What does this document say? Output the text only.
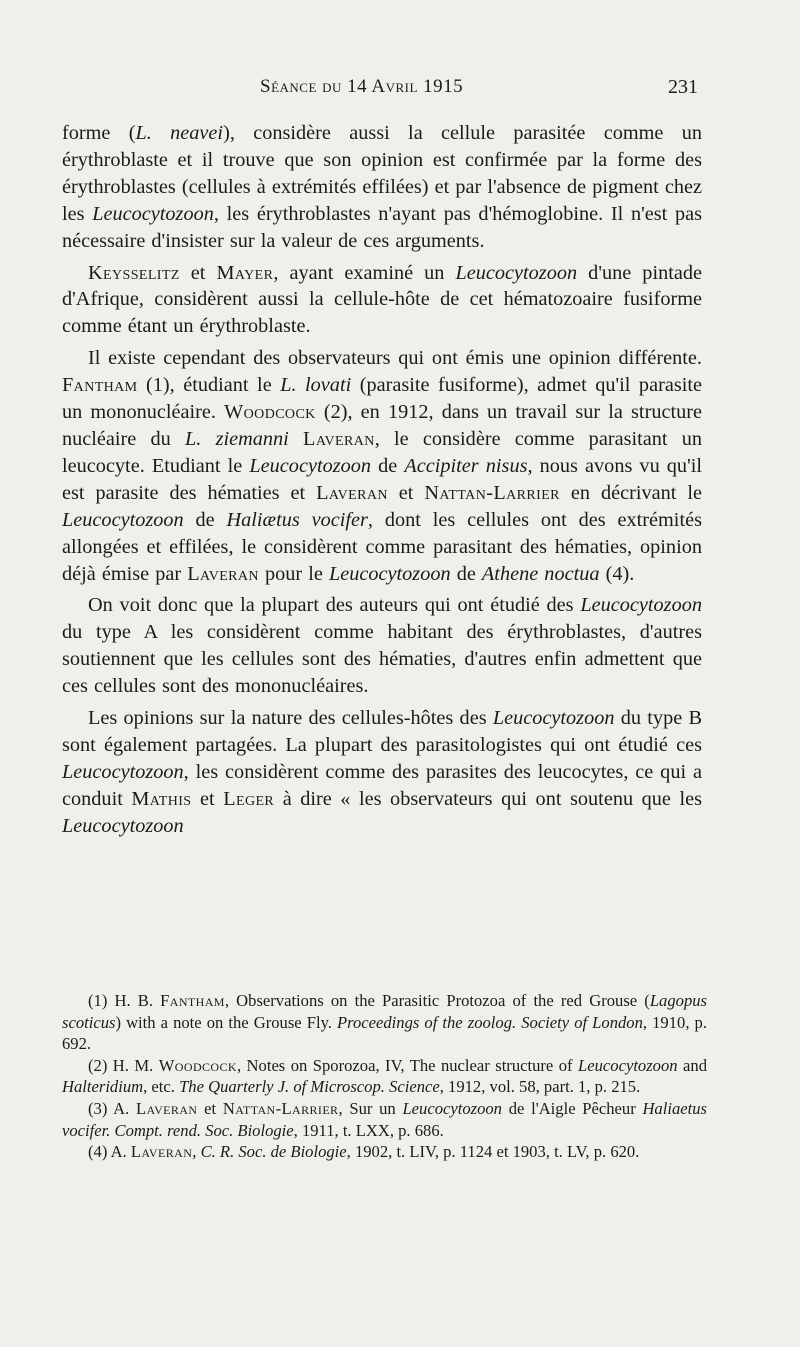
Séance du 14 Avril 1915	231

forme (L. neavei), considère aussi la cellule parasitée comme un érythroblaste et il trouve que son opinion est confirmée par la forme des érythroblastes (cellules à extrémités effilées) et par l'absence de pigment chez les Leucocytozoon, les érythroblastes n'ayant pas d'hémoglobine. Il n'est pas nécessaire d'insister sur la valeur de ces arguments.

Keysselitz et Mayer, ayant examiné un Leucocytozoon d'une pintade d'Afrique, considèrent aussi la cellule-hôte de cet hématozoaire fusiforme comme étant un érythroblaste.

Il existe cependant des observateurs qui ont émis une opinion différente. Fantham (1), étudiant le L. lovati (parasite fusiforme), admet qu'il parasite un mononucléaire. Woodcock (2), en 1912, dans un travail sur la structure nucléaire du L. ziemanni Laveran, le considère comme parasitant un leucocyte. Etudiant le Leucocytozoon de Accipiter nisus, nous avons vu qu'il est parasite des hématies et Laveran et Nattan-Larrier en décrivant le Leucocytozoon de Haliætus vocifer, dont les cellules ont des extrémités allongées et effilées, le considèrent comme parasitant des hématies, opinion déjà émise par Laveran pour le Leucocytozoon de Athene noctua (4).

On voit donc que la plupart des auteurs qui ont étudié des Leucocytozoon du type A les considèrent comme habitant des érythroblastes, d'autres soutiennent que les cellules sont des hématies, d'autres enfin admettent que ces cellules sont des mononucléaires.

Les opinions sur la nature des cellules-hôtes des Leucocytozoon du type B sont également partagées. La plupart des parasitologistes qui ont étudié ces Leucocytozoon, les considèrent comme des parasites des leucocytes, ce qui a conduit Mathis et Leger à dire « les observateurs qui ont soutenu que les Leucocytozoon

(1) H. B. Fantham, Observations on the Parasitic Protozoa of the red Grouse (Lagopus scoticus) with a note on the Grouse Fly. Proceedings of the zoolog. Society of London, 1910, p. 692.

(2) H. M. Woodcock, Notes on Sporozoa, IV, The nuclear structure of Leucocytozoon and Halteridium, etc. The Quarterly J. of Microscop. Science, 1912, vol. 58, part. 1, p. 215.

(3) A. Laveran et Nattan-Larrier, Sur un Leucocytozoon de l'Aigle Pêcheur Haliaetus vocifer. Compt. rend. Soc. Biologie, 1911, t. LXX, p. 686.

(4) A. Laveran, C. R. Soc. de Biologie, 1902, t. LIV, p. 1124 et 1903, t. LV, p. 620.
